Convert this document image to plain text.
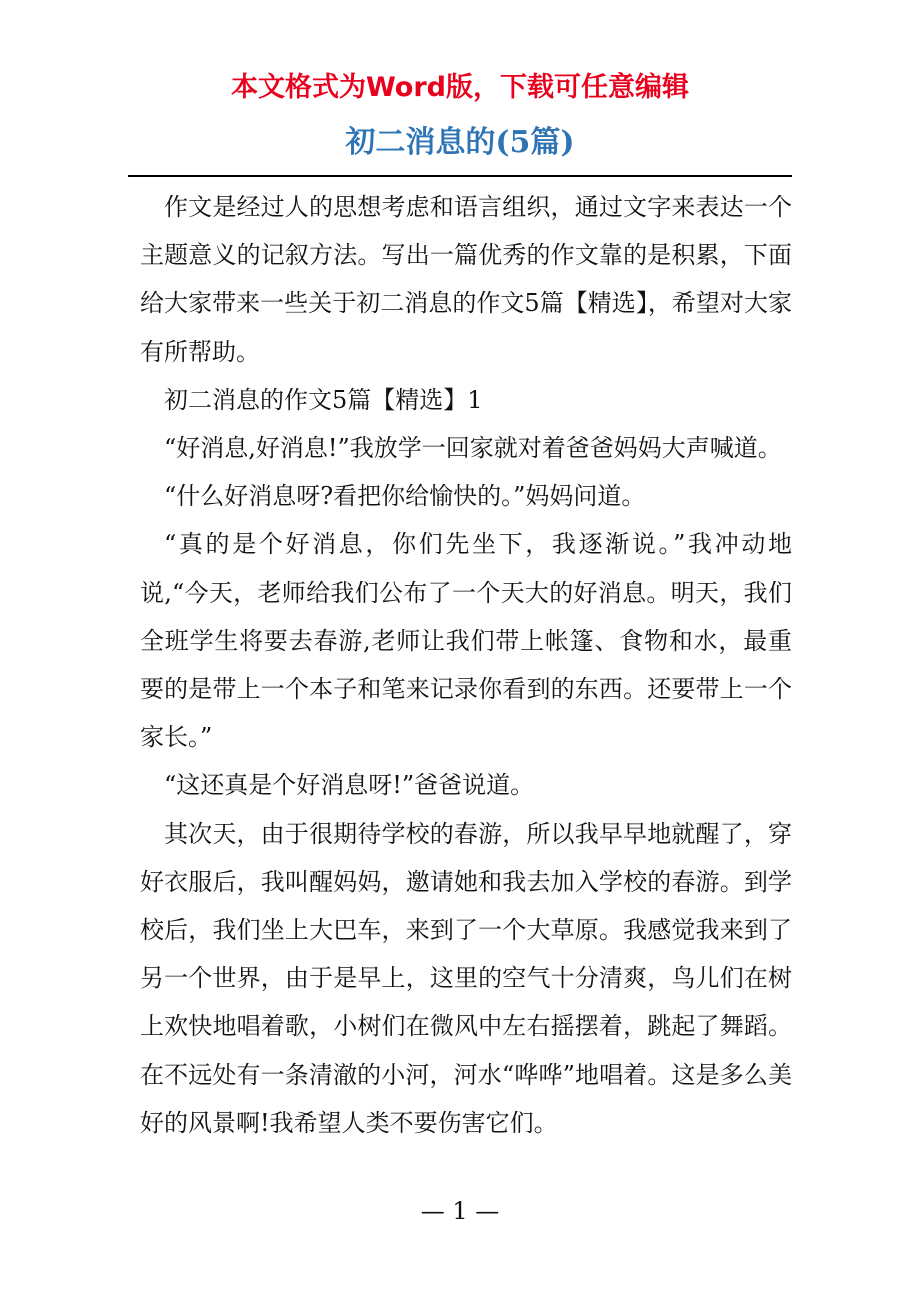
本文格式为Word版，下载可任意编辑
初二消息的(5篇)

作文是经过人的思想考虑和语言组织，通过文字来表达一个主题意义的记叙方法。写出一篇优秀的作文靠的是积累，下面给大家带来一些关于初二消息的作文5篇【精选】，希望对大家有所帮助。

初二消息的作文5篇【精选】1

“好消息,好消息!”我放学一回家就对着爸爸妈妈大声喊道。

“什么好消息呀?看把你给愉快的。”妈妈问道。

“真的是个好消息，你们先坐下，我逐渐说。”我冲动地说,“今天，老师给我们公布了一个天大的好消息。明天，我们全班学生将要去春游,老师让我们带上帐篷、食物和水，最重要的是带上一个本子和笔来记录你看到的东西。还要带上一个家长。”

“这还真是个好消息呀!”爸爸说道。

其次天，由于很期待学校的春游，所以我早早地就醒了，穿好衣服后，我叫醒妈妈，邀请她和我去加入学校的春游。到学校后，我们坐上大巴车，来到了一个大草原。我感觉我来到了另一个世界，由于是早上，这里的空气十分清爽，鸟儿们在树上欢快地唱着歌，小树们在微风中左右摇摆着，跳起了舞蹈。在不远处有一条清澈的小河，河水“哗哗”地唱着。这是多么美好的风景啊!我希望人类不要伤害它们。

— 1 —
